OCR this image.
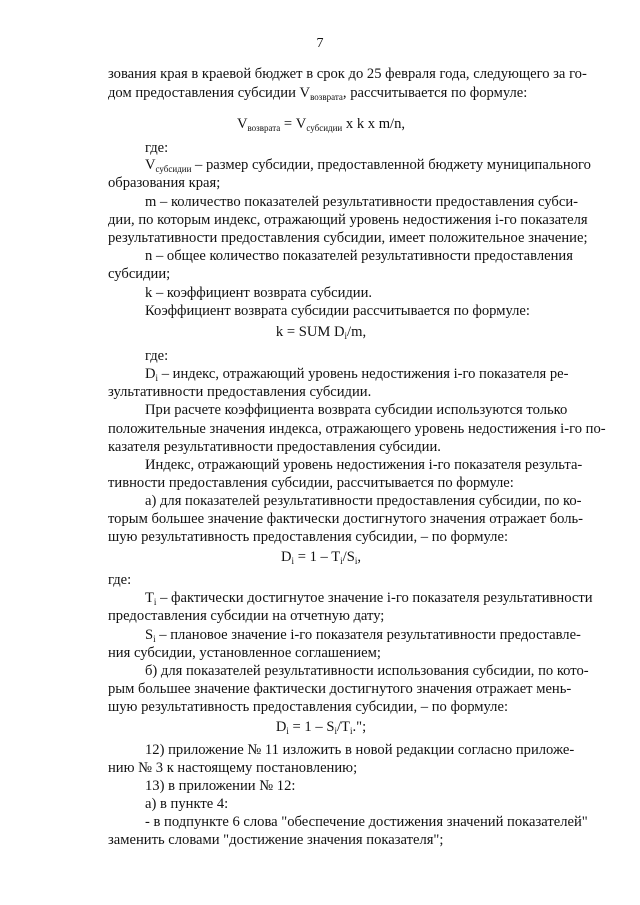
7
зования края в краевой бюджет в срок до 25 февраля года, следующего за го-
дом предоставления субсидии $V_{возврата}$, рассчитывается по формуле:
$V_{возврата} = V_{субсидии}$ x k x m/n,
где:
$V_{субсидии}$ – размер субсидии, предоставленной бюджету муниципального
образования края;
m – количество показателей результативности предоставления субси-
дии, по которым индекс, отражающий уровень недостижения i-го показателя
результативности предоставления субсидии, имеет положительное значение;
n – общее количество показателей результативности предоставления
субсидии;
k – коэффициент возврата субсидии.
Коэффициент возврата субсидии рассчитывается по формуле:
k = SUM $D_i/m$,
где:
$D_i$ – индекс, отражающий уровень недостижения i-го показателя ре-
зультативности предоставления субсидии.
При расчете коэффициента возврата субсидии используются только
положительные значения индекса, отражающего уровень недостижения i-го по-
казателя результативности предоставления субсидии.
Индекс, отражающий уровень недостижения i-го показателя результа-
тивности предоставления субсидии, рассчитывается по формуле:
а) для показателей результативности предоставления субсидии, по ко-
торым большее значение фактически достигнутого значения отражает боль-
шую результативность предоставления субсидии, – по формуле:
$D_i = 1 - T_i/S_i$,
где:
$T_i$ – фактически достигнутое значение i-го показателя результативности
предоставления субсидии на отчетную дату;
$S_i$ – плановое значение i-го показателя результативности предоставле-
ния субсидии, установленное соглашением;
б) для показателей результативности использования субсидии, по кото-
рым большее значение фактически достигнутого значения отражает мень-
шую результативность предоставления субсидии, – по формуле:
$D_i = 1 - S_i/T_i$.";
12) приложение № 11 изложить в новой редакции согласно приложе-
нию № 3 к настоящему постановлению;
13) в приложении № 12:
а) в пункте 4:
- в подпункте 6 слова "обеспечение достижения значений показателей"
заменить словами "достижение значения показателя";
